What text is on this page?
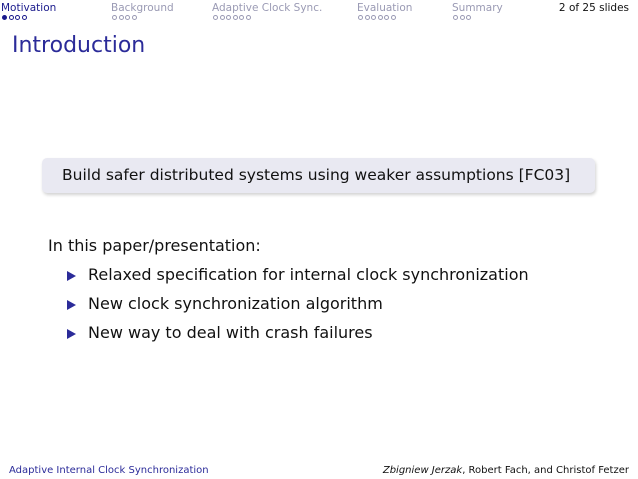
Motivation	Background	Adaptive Clock Sync.	Evaluation	Summary	2 of 25 slides
Introduction
Build safer distributed systems using weaker assumptions [FC03]
In this paper/presentation:
Relaxed specification for internal clock synchronization
New clock synchronization algorithm
New way to deal with crash failures
Adaptive Internal Clock Synchronization	Zbigniew Jerzak, Robert Fach, and Christof Fetzer
